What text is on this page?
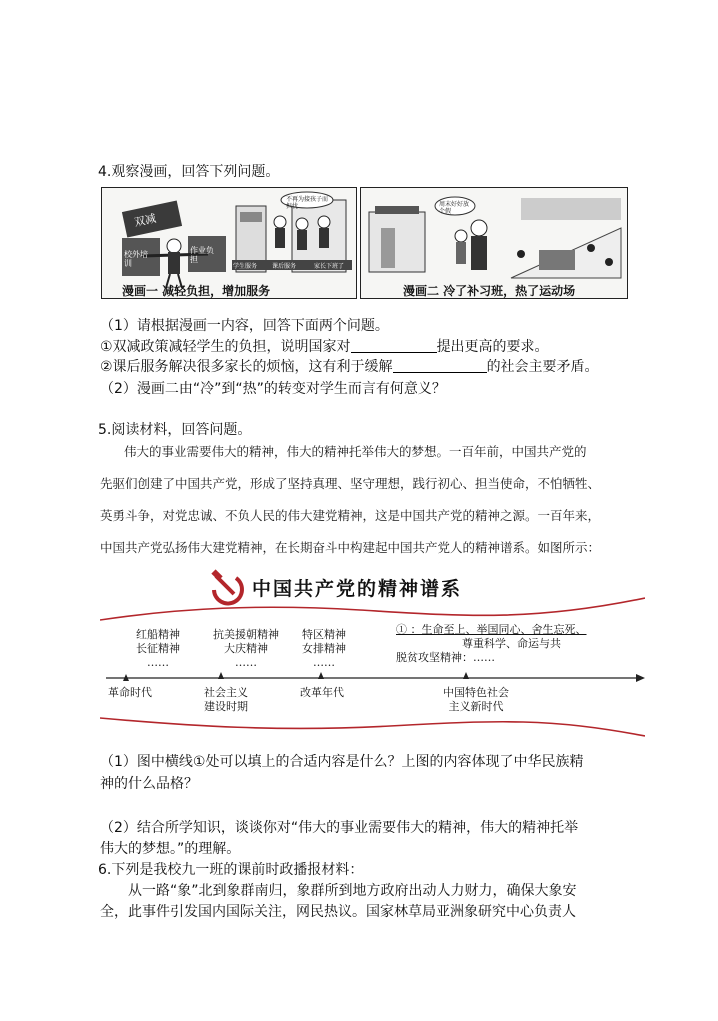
4.观察漫画，回答下列问题。
双减
校外培训
作业负担
不再为接孩子而担忧
学生服务 课后服务	家长下班了
漫画一 减轻负担，增加服务
周末好好放个假
漫画二 冷了补习班，热了运动场
（1）请根据漫画一内容，回答下面两个问题。
①双减政策减轻学生的负担，说明国家对	提出更高的要求。
②课后服务解决很多家长的烦恼，这有利于缓解	的社会主要矛盾。
（2）漫画二由“冷”到“热”的转变对学生而言有何意义？
5.阅读材料，回答问题。
伟大的事业需要伟大的精神，伟大的精神托举伟大的梦想。一百年前，中国共产党的
先驱们创建了中国共产党，形成了坚持真理、坚守理想，践行初心、担当使命，不怕牺牲、
英勇斗争，对党忠诚、不负人民的伟大建党精神，这是中国共产党的精神之源。一百年来，
中国共产党弘扬伟大建党精神，在长期奋斗中构建起中国共产党人的精神谱系。如图所示：
中国共产党的精神谱系
红船精神
长征精神
……
抗美援朝精神
大庆精神
……
特区精神
女排精神
……
① ：生命至上、举国同心、舍生忘死、
尊重科学、命运与共
脱贫攻坚精神：……
革命时代	社会主义
建设时期
改革年代	中国特色社会
主义新时代
（1）图中横线①处可以填上的合适内容是什么？上图的内容体现了中华民族精
神的什么品格？
（2）结合所学知识，谈谈你对“伟大的事业需要伟大的精神，伟大的精神托举
伟大的梦想。”的理解。
6.下列是我校九一班的课前时政播报材料：
从一路“象”北到象群南归，象群所到地方政府出动人力财力，确保大象安
全，此事件引发国内国际关注，网民热议。国家林草局亚洲象研究中心负责人
